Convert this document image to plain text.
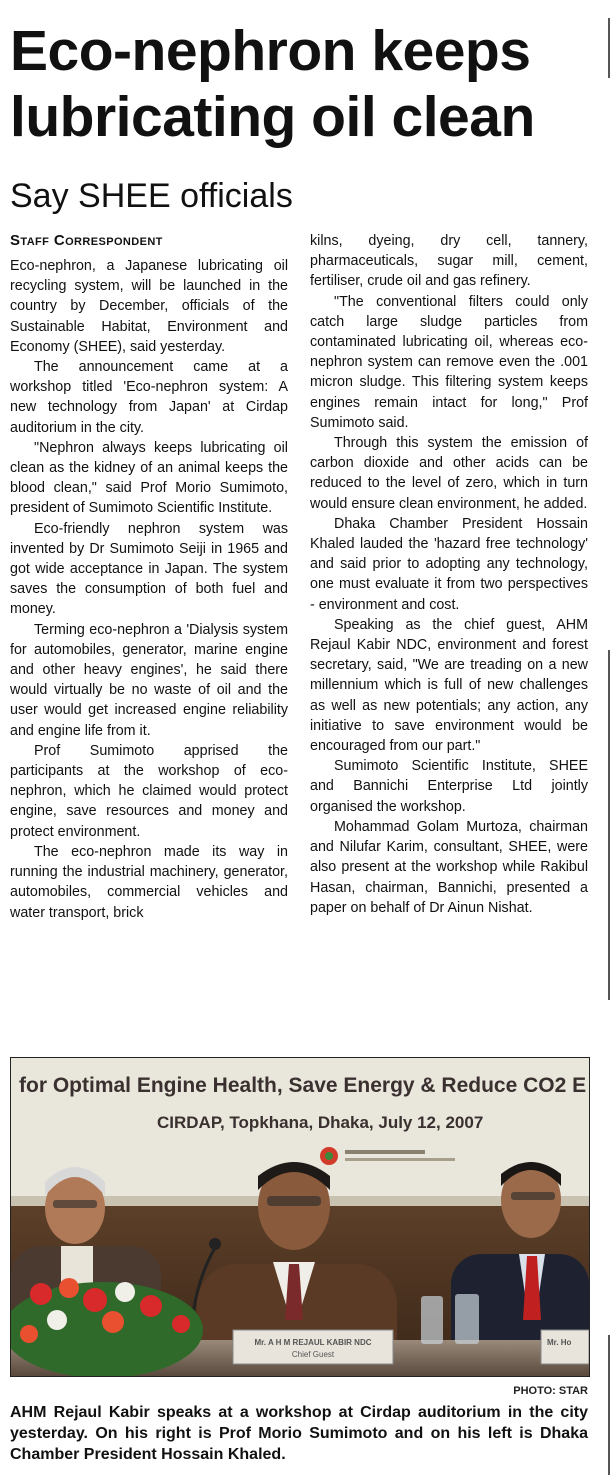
Eco-nephron keeps lubricating oil clean
Say SHEE officials
Staff Correspondent

Eco-nephron, a Japanese lubricating oil recycling system, will be launched in the country by December, officials of the Sustainable Habitat, Environment and Economy (SHEE), said yesterday.

The announcement came at a workshop titled 'Eco-nephron system: A new technology from Japan' at Cirdap auditorium in the city.

"Nephron always keeps lubricating oil clean as the kidney of an animal keeps the blood clean," said Prof Morio Sumimoto, president of Sumimoto Scientific Institute.

Eco-friendly nephron system was invented by Dr Sumimoto Seiji in 1965 and got wide acceptance in Japan. The system saves the consumption of both fuel and money.

Terming eco-nephron a 'Dialysis system for automobiles, generator, marine engine and other heavy engines', he said there would virtually be no waste of oil and the user would get increased engine reliability and engine life from it.

Prof Sumimoto apprised the participants at the workshop of eco-nephron, which he claimed would protect engine, save resources and money and protect environment.

The eco-nephron made its way in running the industrial machinery, generator, automobiles, commercial vehicles and water transport, brick

kilns, dyeing, dry cell, tannery, pharmaceuticals, sugar mill, cement, fertiliser, crude oil and gas refinery.

"The conventional filters could only catch large sludge particles from contaminated lubricating oil, whereas eco-nephron system can remove even the .001 micron sludge. This filtering system keeps engines remain intact for long," Prof Sumimoto said.

Through this system the emission of carbon dioxide and other acids can be reduced to the level of zero, which in turn would ensure clean environment, he added.

Dhaka Chamber President Hossain Khaled lauded the 'hazard free technology' and said prior to adopting any technology, one must evaluate it from two perspectives - environment and cost.

Speaking as the chief guest, AHM Rejaul Kabir NDC, environment and forest secretary, said, "We are treading on a new millennium which is full of new challenges as well as new potentials; any action, any initiative to save environment would be encouraged from our part."

Sumimoto Scientific Institute, SHEE and Bannichi Enterprise Ltd jointly organised the workshop.

Mohammad Golam Murtoza, chairman and Nilufar Karim, consultant, SHEE, were also present at the workshop while Rakibul Hasan, chairman, Bannichi, presented a paper on behalf of Dr Ainun Nishat.

for Optimal Engine Health, Save Energy & Reduce CO2 E
CIRDAP, Topkhana, Dhaka, July 12, 2007
Mr. A H M REJAUL KABIR NDC
Chief Guest
Mr. Ho
PHOTO: STAR
AHM Rejaul Kabir speaks at a workshop at Cirdap auditorium in the city yesterday. On his right is Prof Morio Sumimoto and on his left is Dhaka Chamber President Hossain Khaled.
